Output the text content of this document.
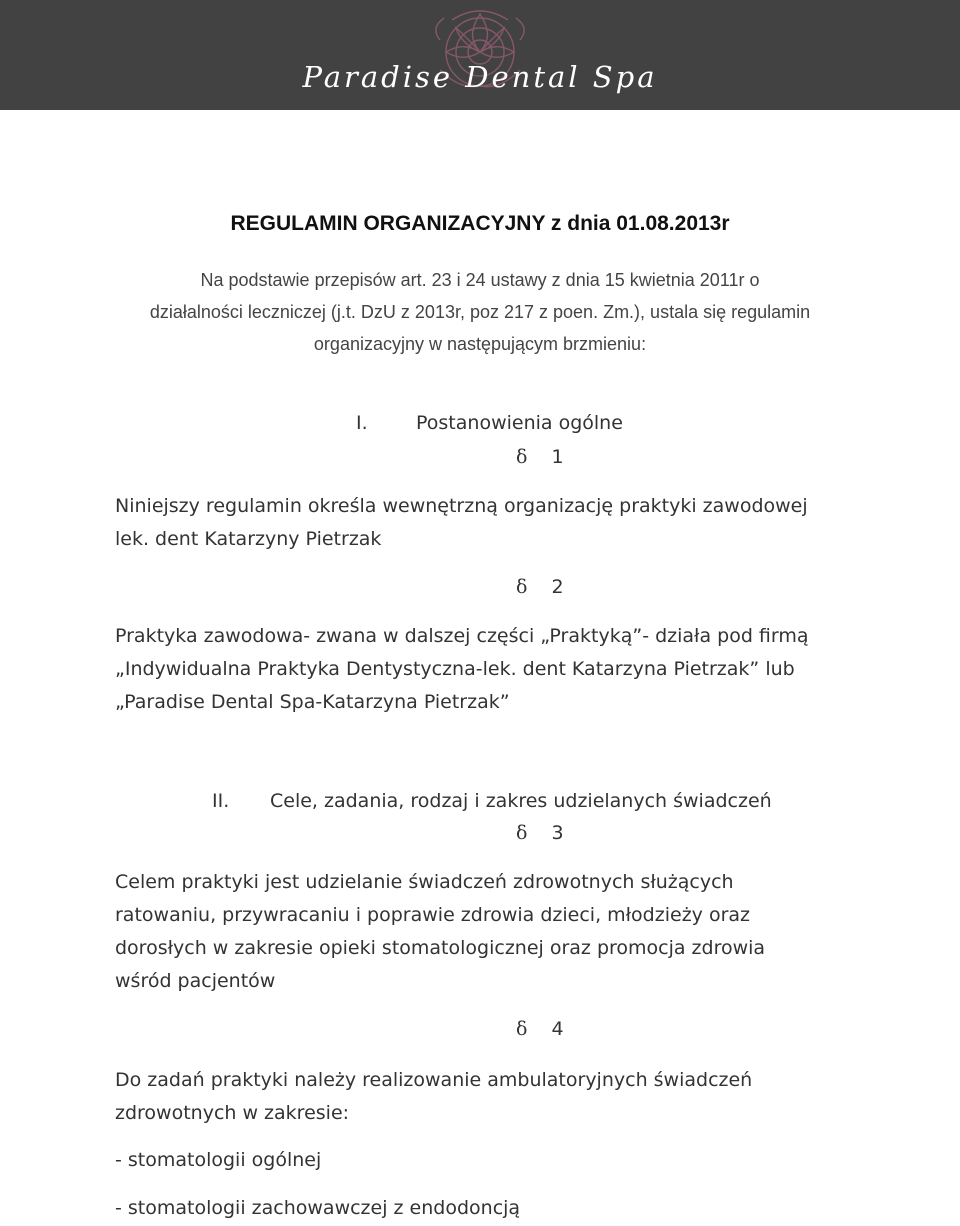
Paradise Dental Spa
REGULAMIN ORGANIZACYJNY z dnia 01.08.2013r
Na podstawie przepisów art. 23 i 24 ustawy z dnia 15 kwietnia 2011r o
działalności leczniczej (j.t. DzU z 2013r, poz 217 z poen. Zm.), ustala się regulamin
organizacyjny w następującym brzmieniu:
I.	Postanowienia ogólne
δ 1
Niniejszy regulamin określa wewnętrzną organizację praktyki zawodowej
lek. dent Katarzyny Pietrzak
δ 2
Praktyka zawodowa- zwana w dalszej części „Praktyką”- działa pod firmą
„Indywidualna Praktyka Dentystyczna-lek. dent Katarzyna Pietrzak” lub
„Paradise Dental Spa-Katarzyna Pietrzak”
II. Cele, zadania, rodzaj i zakres udzielanych świadczeń
δ 3
Celem praktyki jest udzielanie świadczeń zdrowotnych służących
ratowaniu, przywracaniu i poprawie zdrowia dzieci, młodzieży oraz
dorosłych w zakresie opieki stomatologicznej oraz promocja zdrowia
wśród pacjentów
δ 4
Do zadań praktyki należy realizowanie ambulatoryjnych świadczeń
zdrowotnych w zakresie:
- stomatologii ogólnej
- stomatologii zachowawczej z endodoncją
